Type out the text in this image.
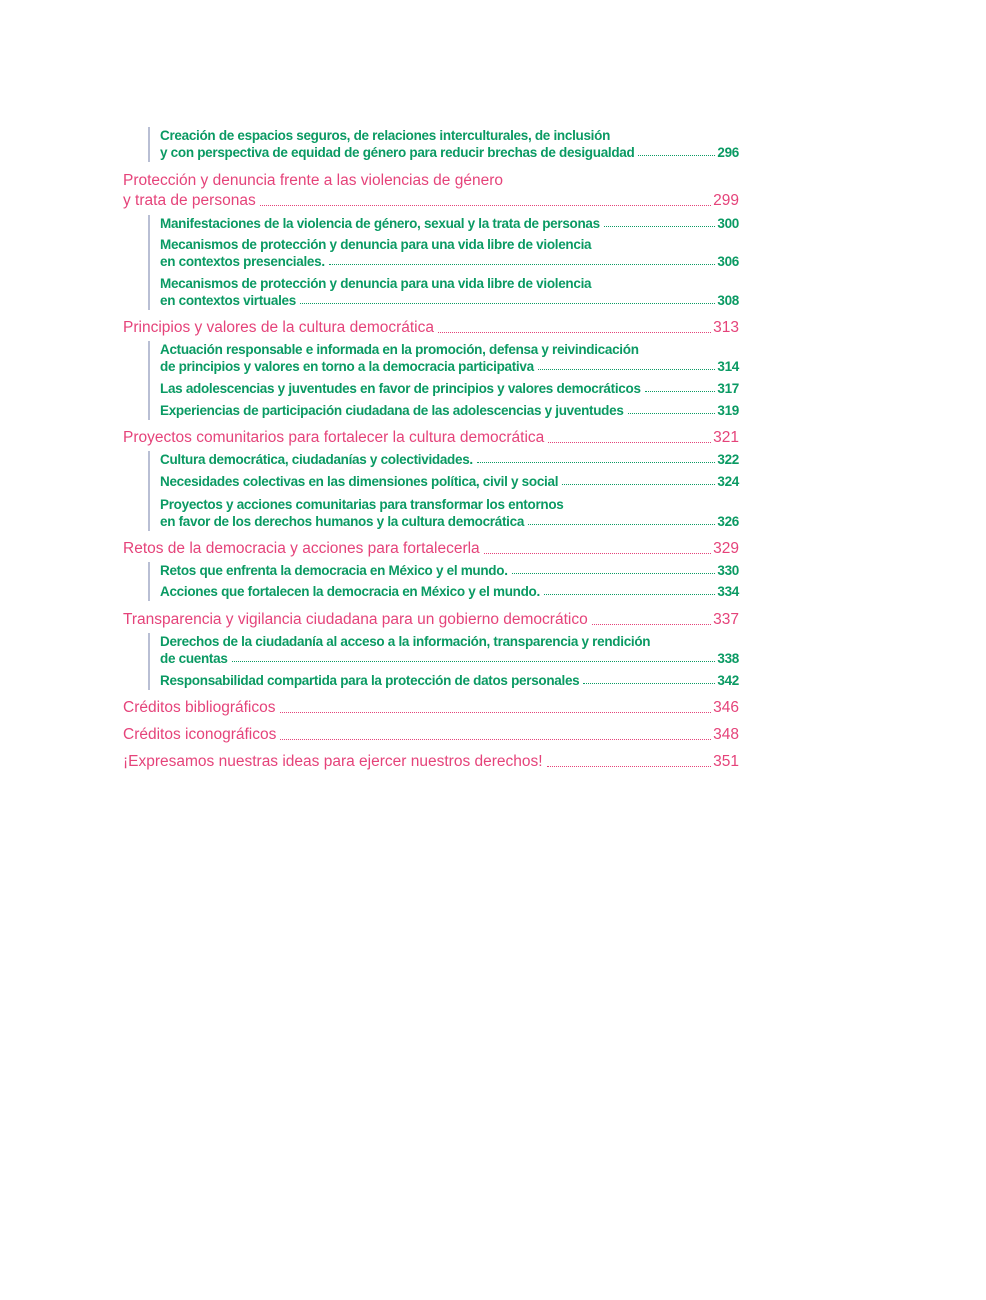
Creación de espacios seguros, de relaciones interculturales, de inclusión
y con perspectiva de equidad de género para reducir brechas de desigualdad	296
Protección y denuncia frente a las violencias de género
y trata de personas	299
Manifestaciones de la violencia de género, sexual y la trata de personas	300
Mecanismos de protección y denuncia para una vida libre de violencia
en contextos presenciales.	306
Mecanismos de protección y denuncia para una vida libre de violencia
en contextos virtuales	308
Principios y valores de la cultura democrática	313
Actuación responsable e informada en la promoción, defensa y reivindicación
de principios y valores en torno a la democracia participativa	314
Las adolescencias y juventudes en favor de principios y valores democráticos	317
Experiencias de participación ciudadana de las adolescencias y juventudes	319
Proyectos comunitarios para fortalecer la cultura democrática	321
Cultura democrática, ciudadanías y colectividades.	322
Necesidades colectivas en las dimensiones política, civil y social	324
Proyectos y acciones comunitarias para transformar los entornos
en favor de los derechos humanos y la cultura democrática	326
Retos de la democracia y acciones para fortalecerla	329
Retos que enfrenta la democracia en México y el mundo.	330
Acciones que fortalecen la democracia en México y el mundo.	334
Transparencia y vigilancia ciudadana para un gobierno democrático	337
Derechos de la ciudadanía al acceso a la información, transparencia y rendición
de cuentas	338
Responsabilidad compartida para la protección de datos personales	342
Créditos bibliográficos	346
Créditos iconográficos	348
¡Expresamos nuestras ideas para ejercer nuestros derechos!	351
